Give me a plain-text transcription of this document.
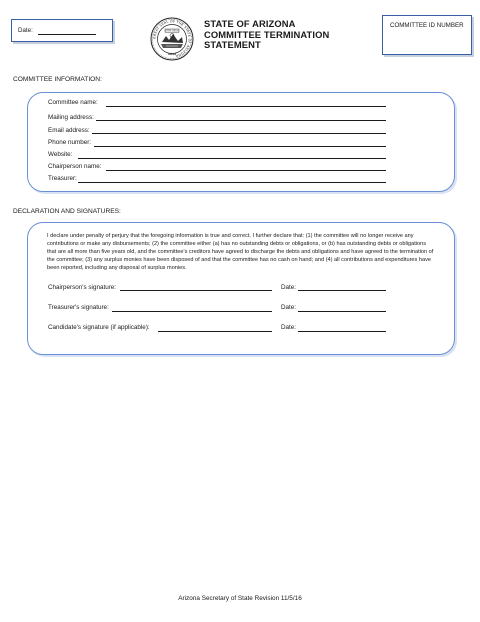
Date:
GREAT SEAL OF THE STATE OF ARIZONA
DITAT DEUS
1912
STATE OF ARIZONA
COMMITTEE TERMINATION
STATEMENT
COMMITTEE ID NUMBER
COMMITTEE INFORMATION:
Committee name:
Mailing address:
Email address:
Phone number:
Website:
Chairperson name:
Treasurer:
DECLARATION AND SIGNATURES:
I declare under penalty of perjury that the foregoing information is true and correct. I further declare that: (1) the committee will no longer receive any contributions or make any disbursements; (2) the committee either (a) has no outstanding debts or obligations, or (b) has outstanding debts or obligations that are all more than five years old, and the committee's creditors have agreed to discharge the debts and obligations and have agreed to the termination of the committee; (3) any surplus monies have been disposed of and that the committee has no cash on hand; and (4) all contributions and expenditures have been reported, including any disposal of surplus monies.
Chairperson's signature:	Date:
Treasurer's signature:	Date:
Candidate's signature (if applicable):	Date:
Arizona Secretary of State Revision 11/5/16
